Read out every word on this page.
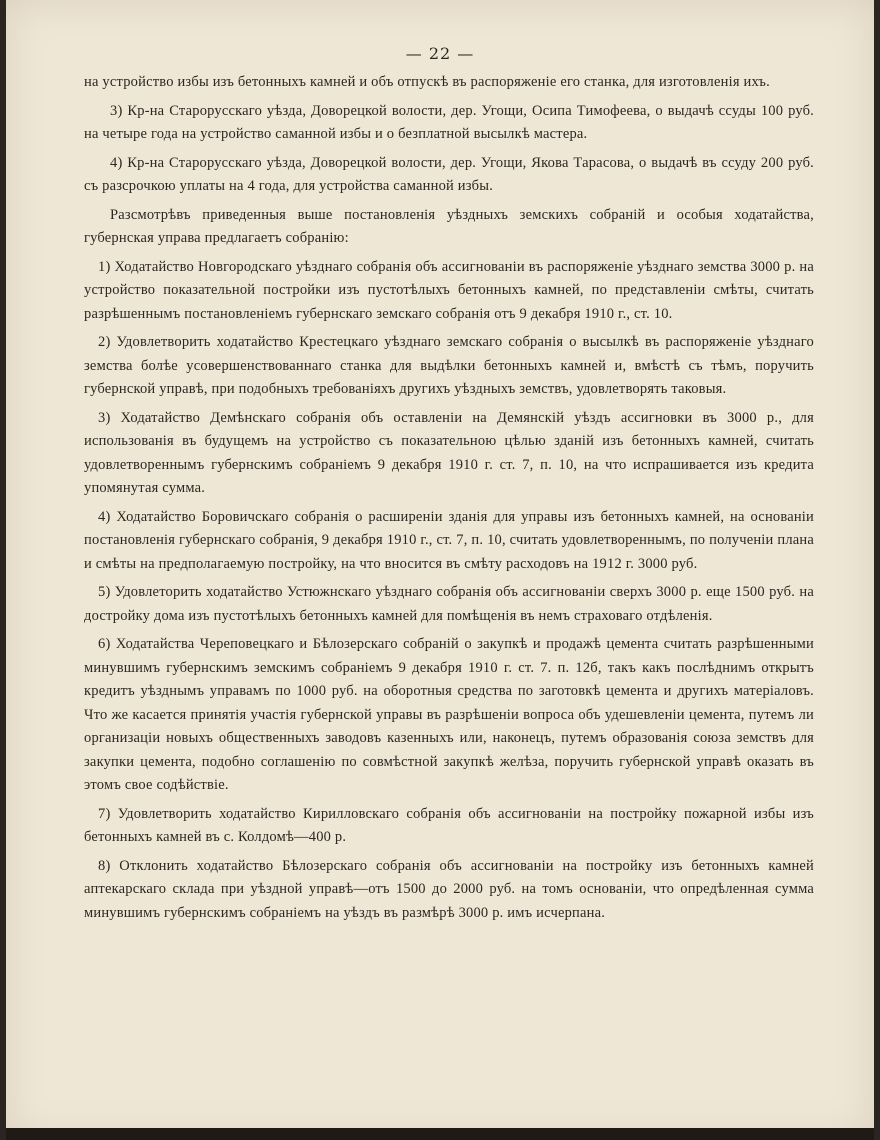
— 22 —

на устройство избы изъ бетонныхъ камней и объ отпускѣ въ распоряженіе его станка, для изготовленія ихъ.

3) Кр-на Старорусскаго уѣзда, Доворецкой волости, дер. Угощи, Осипа Тимофеева, о выдачѣ ссуды 100 руб. на четыре года на устройство саманной избы и о безплатной высылкѣ мастера.

4) Кр-на Старорусскаго уѣзда, Доворецкой волости, дер. Угощи, Якова Тарасова, о выдачѣ въ ссуду 200 руб. съ разсрочкою уплаты на 4 года, для устройства саманной избы.

Разсмотрѣвъ приведенныя выше постановленія уѣздныхъ земскихъ собраній и особыя ходатайства, губернская управа предлагаетъ собранію:

1) Ходатайство Новгородскаго уѣзднаго собранія объ ассигнованіи въ распоряженіе уѣзднаго земства 3000 р. на устройство показательной постройки изъ пустотѣлыхъ бетонныхъ камней, по представленіи смѣты, считать разрѣшеннымъ постановленіемъ губернскаго земскаго собранія отъ 9 декабря 1910 г., ст. 10.

2) Удовлетворить ходатайство Крестецкаго уѣзднаго земскаго собранія о высылкѣ въ распоряженіе уѣзднаго земства болѣе усовершенствованнаго станка для выдѣлки бетонныхъ камней и, вмѣстѣ съ тѣмъ, поручить губернской управѣ, при подобныхъ требованіяхъ другихъ уѣздныхъ земствъ, удовлетворять таковыя.

3) Ходатайство Демѣнскаго собранія объ оставленіи на Демянскій уѣздъ ассигновки въ 3000 р., для использованія въ будущемъ на устройство съ показательною цѣлью зданій изъ бетонныхъ камней, считать удовлетвореннымъ губернскимъ собраніемъ 9 декабря 1910 г. ст. 7, п. 10, на что испрашивается изъ кредита упомянутая сумма.

4) Ходатайство Боровичскаго собранія о расширеніи зданія для управы изъ бетонныхъ камней, на основаніи постановленія губернскаго собранія, 9 декабря 1910 г., ст. 7, п. 10, считать удовлетвореннымъ, по полученіи плана и смѣты на предполагаемую постройку, на что вносится въ смѣту расходовъ на 1912 г. 3000 руб.

5) Удовлеторить ходатайство Устюжнскаго уѣзднаго собранія объ ассигнованіи сверхъ 3000 р. еще 1500 руб. на достройку дома изъ пустотѣлыхъ бетонныхъ камней для помѣщенія въ немъ страховаго отдѣленія.

6) Ходатайства Череповецкаго и Бѣлозерскаго собраній о закупкѣ и продажѣ цемента считать разрѣшенными минувшимъ губернскимъ земскимъ собраніемъ 9 декабря 1910 г. ст. 7. п. 12б, такъ какъ послѣднимъ открытъ кредитъ уѣзднымъ управамъ по 1000 руб. на оборотныя средства по заготовкѣ цемента и другихъ матеріаловъ. Что же касается принятія участія губернской управы въ разрѣшеніи вопроса объ удешевленіи цемента, путемъ ли организаціи новыхъ общественныхъ заводовъ казенныхъ или, наконецъ, путемъ образованія союза земствъ для закупки цемента, подобно соглашенію по совмѣстной закупкѣ желѣза, поручить губернской управѣ оказать въ этомъ свое содѣйствіе.

7) Удовлетворить ходатайство Кирилловскаго собранія объ ассигнованіи на постройку пожарной избы изъ бетонныхъ камней въ с. Колдомѣ—400 р.

8) Отклонить ходатайство Бѣлозерскаго собранія объ ассигнованіи на постройку изъ бетонныхъ камней аптекарскаго склада при уѣздной управѣ—отъ 1500 до 2000 руб. на томъ основаніи, что опредѣленная сумма минувшимъ губернскимъ собраніемъ на уѣздъ въ размѣрѣ 3000 р. имъ исчерпана.
